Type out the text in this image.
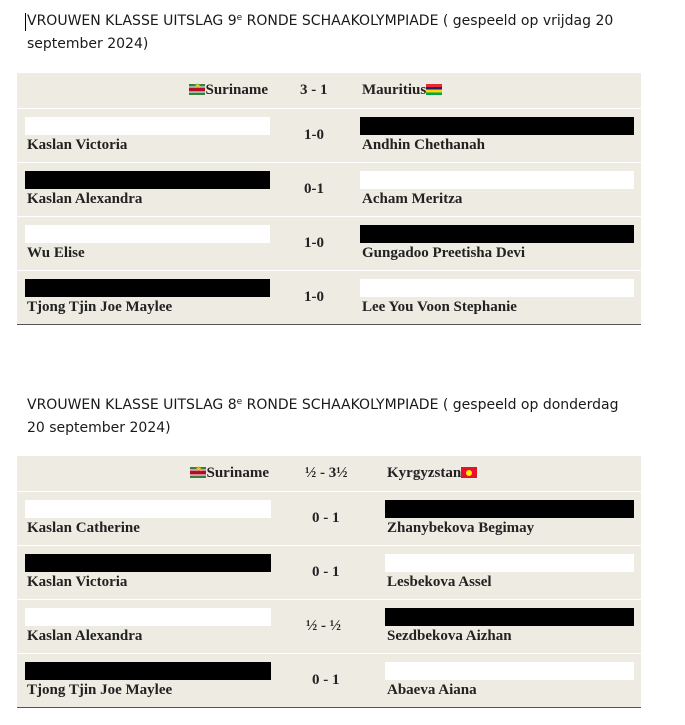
VROUWEN KLASSE UITSLAG 9e RONDE SCHAAKOLYMPIADE ( gespeeld op vrijdag 20 september 2024)
★Suriname 3 - 1 Mauritius
Kaslan Victoria
1-0
Andhin Chethanah
Kaslan Alexandra
0-1
Acham Meritza
Wu Elise
1-0
Gungadoo Preetisha Devi
Tjong Tjin Joe Maylee
1-0
Lee You Voon Stephanie
VROUWEN KLASSE UITSLAG 8e RONDE SCHAAKOLYMPIADE ( gespeeld op donderdag 20 september 2024)
★Suriname ½ - 3½	Kyrgyzstan
Kaslan Catherine
0 - 1
Zhanybekova Begimay
Kaslan Victoria
0 - 1
Lesbekova Assel
Kaslan Alexandra
½ - ½
Sezdbekova Aizhan
Tjong Tjin Joe Maylee
0 - 1
Abaeva Aiana
